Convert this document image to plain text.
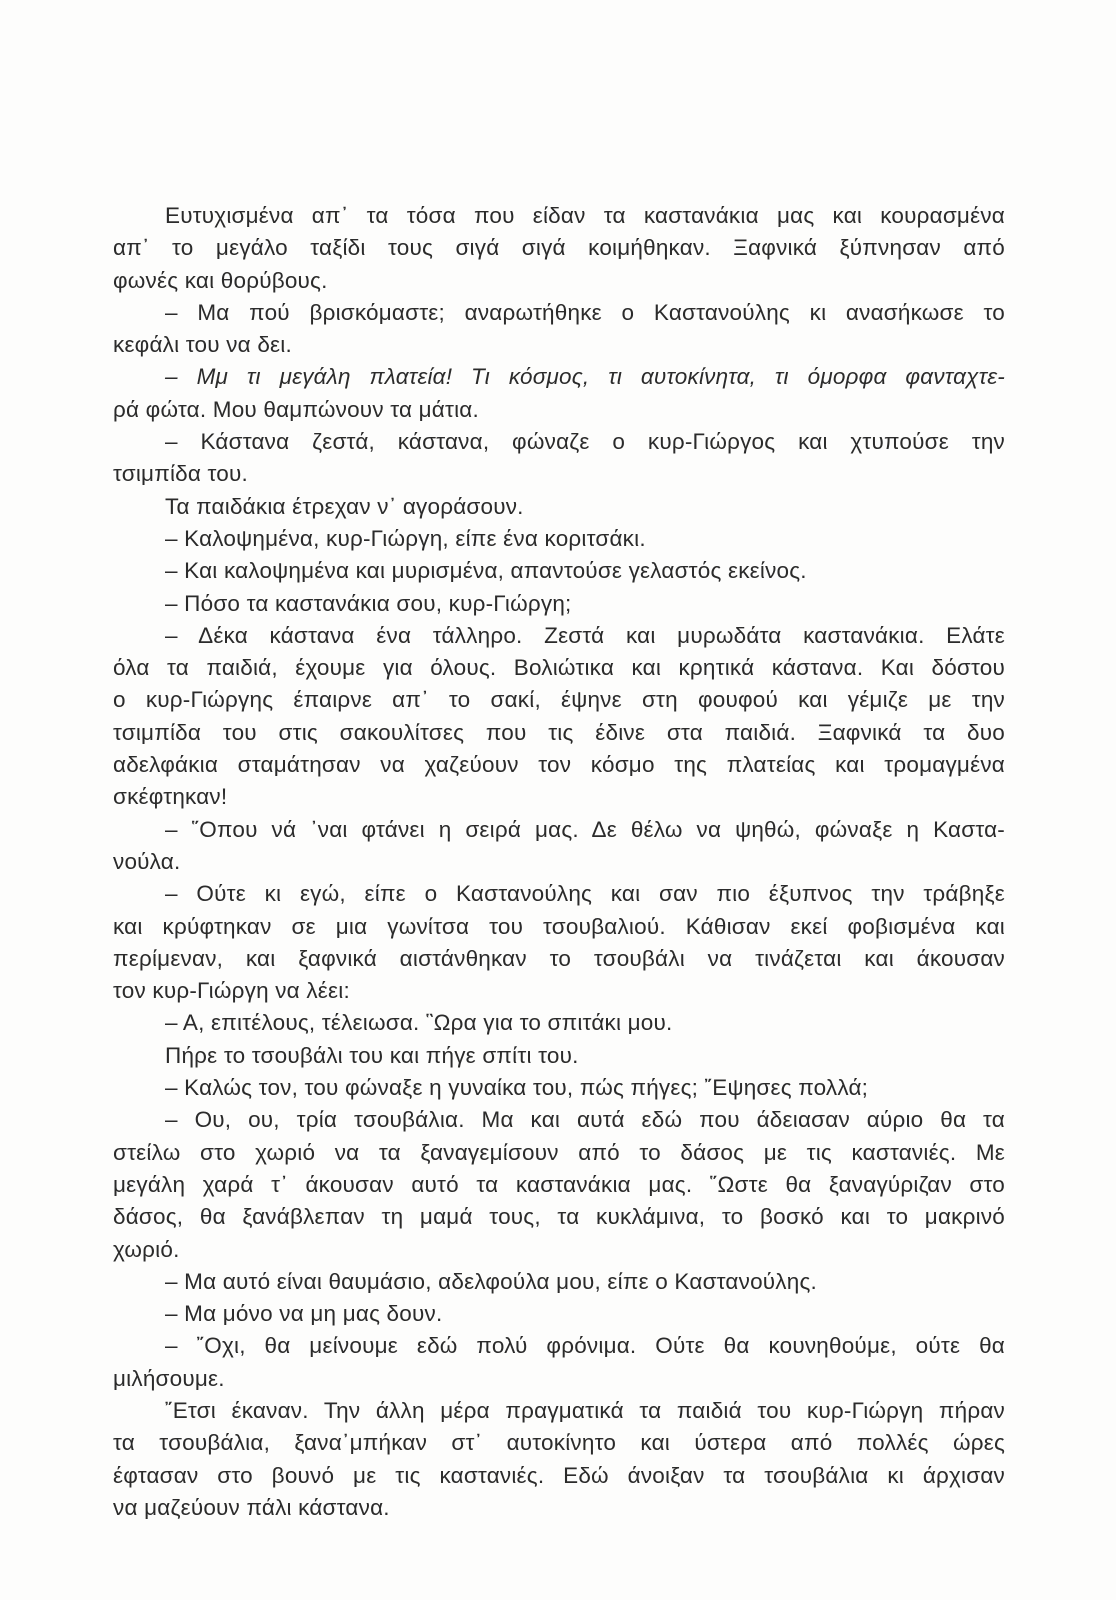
Ευτυχισμένα απ᾽ τα τόσα που είδαν τα καστανάκια μας και κουρασμένα
απ᾽ το μεγάλο ταξίδι τους σιγά σιγά κοιμήθηκαν. Ξαφνικά ξύπνησαν από
φωνές και θορύβους.
– Μα πού βρισκόμαστε; αναρωτήθηκε ο Καστανούλης κι ανασήκωσε το
κεφάλι του να δει.
– Μμ τι μεγάλη πλατεία! Τι κόσμος, τι αυτοκίνητα, τι όμορφα φανταχτε-
ρά φώτα. Μου θαμπώνουν τα μάτια.
– Κάστανα ζεστά, κάστανα, φώναζε ο κυρ-Γιώργος και χτυπούσε την
τσιμπίδα του.
Τα παιδάκια έτρεχαν ν᾽ αγοράσουν.
– Καλοψημένα, κυρ-Γιώργη, είπε ένα κοριτσάκι.
– Και καλοψημένα και μυρισμένα, απαντούσε γελαστός εκείνος.
– Πόσο τα καστανάκια σου, κυρ-Γιώργη;
– Δέκα κάστανα ένα τάλληρο. Ζεστά και μυρωδάτα καστανάκια. Ελάτε
όλα τα παιδιά, έχουμε για όλους. Βολιώτικα και κρητικά κάστανα. Και δόστου
ο κυρ-Γιώργης έπαιρνε απ᾽ το σακί, έψηνε στη φουφού και γέμιζε με την
τσιμπίδα του στις σακουλίτσες που τις έδινε στα παιδιά. Ξαφνικά τα δυο
αδελφάκια σταμάτησαν να χαζεύουν τον κόσμο της πλατείας και τρομαγμένα
σκέφτηκαν!
– ῞Οπου νά ᾽ναι φτάνει η σειρά μας. Δε θέλω να ψηθώ, φώναξε η Καστα-
νούλα.
– Ούτε κι εγώ, είπε ο Καστανούλης και σαν πιο έξυπνος την τράβηξε
και κρύφτηκαν σε μια γωνίτσα του τσουβαλιού. Κάθισαν εκεί φοβισμένα και
περίμεναν, και ξαφνικά αιστάνθηκαν το τσουβάλι να τινάζεται και άκουσαν
τον κυρ-Γιώργη να λέει:
– Α, επιτέλους, τέλειωσα. ῝Ωρα για το σπιτάκι μου.
Πήρε το τσουβάλι του και πήγε σπίτι του.
– Καλώς τον, του φώναξε η γυναίκα του, πώς πήγες; ῎Εψησες πολλά;
– Ου, ου, τρία τσουβάλια. Μα και αυτά εδώ που άδειασαν αύριο θα τα
στείλω στο χωριό να τα ξαναγεμίσουν από το δάσος με τις καστανιές. Με
μεγάλη χαρά τ᾽ άκουσαν αυτό τα καστανάκια μας. ῞Ωστε θα ξαναγύριζαν στο
δάσος, θα ξανάβλεπαν τη μαμά τους, τα κυκλάμινα, το βοσκό και το μακρινό
χωριό.
– Μα αυτό είναι θαυμάσιο, αδελφούλα μου, είπε ο Καστανούλης.
– Μα μόνο να μη μας δουν.
– ῎Οχι, θα μείνουμε εδώ πολύ φρόνιμα. Ούτε θα κουνηθούμε, ούτε θα
μιλήσουμε.
῎Ετσι έκαναν. Την άλλη μέρα πραγματικά τα παιδιά του κυρ-Γιώργη πήραν
τα τσουβάλια, ξανα᾽μπήκαν στ᾽ αυτοκίνητο και ύστερα από πολλές ώρες
έφτασαν στο βουνό με τις καστανιές. Εδώ άνοιξαν τα τσουβάλια κι άρχισαν
να μαζεύουν πάλι κάστανα.
